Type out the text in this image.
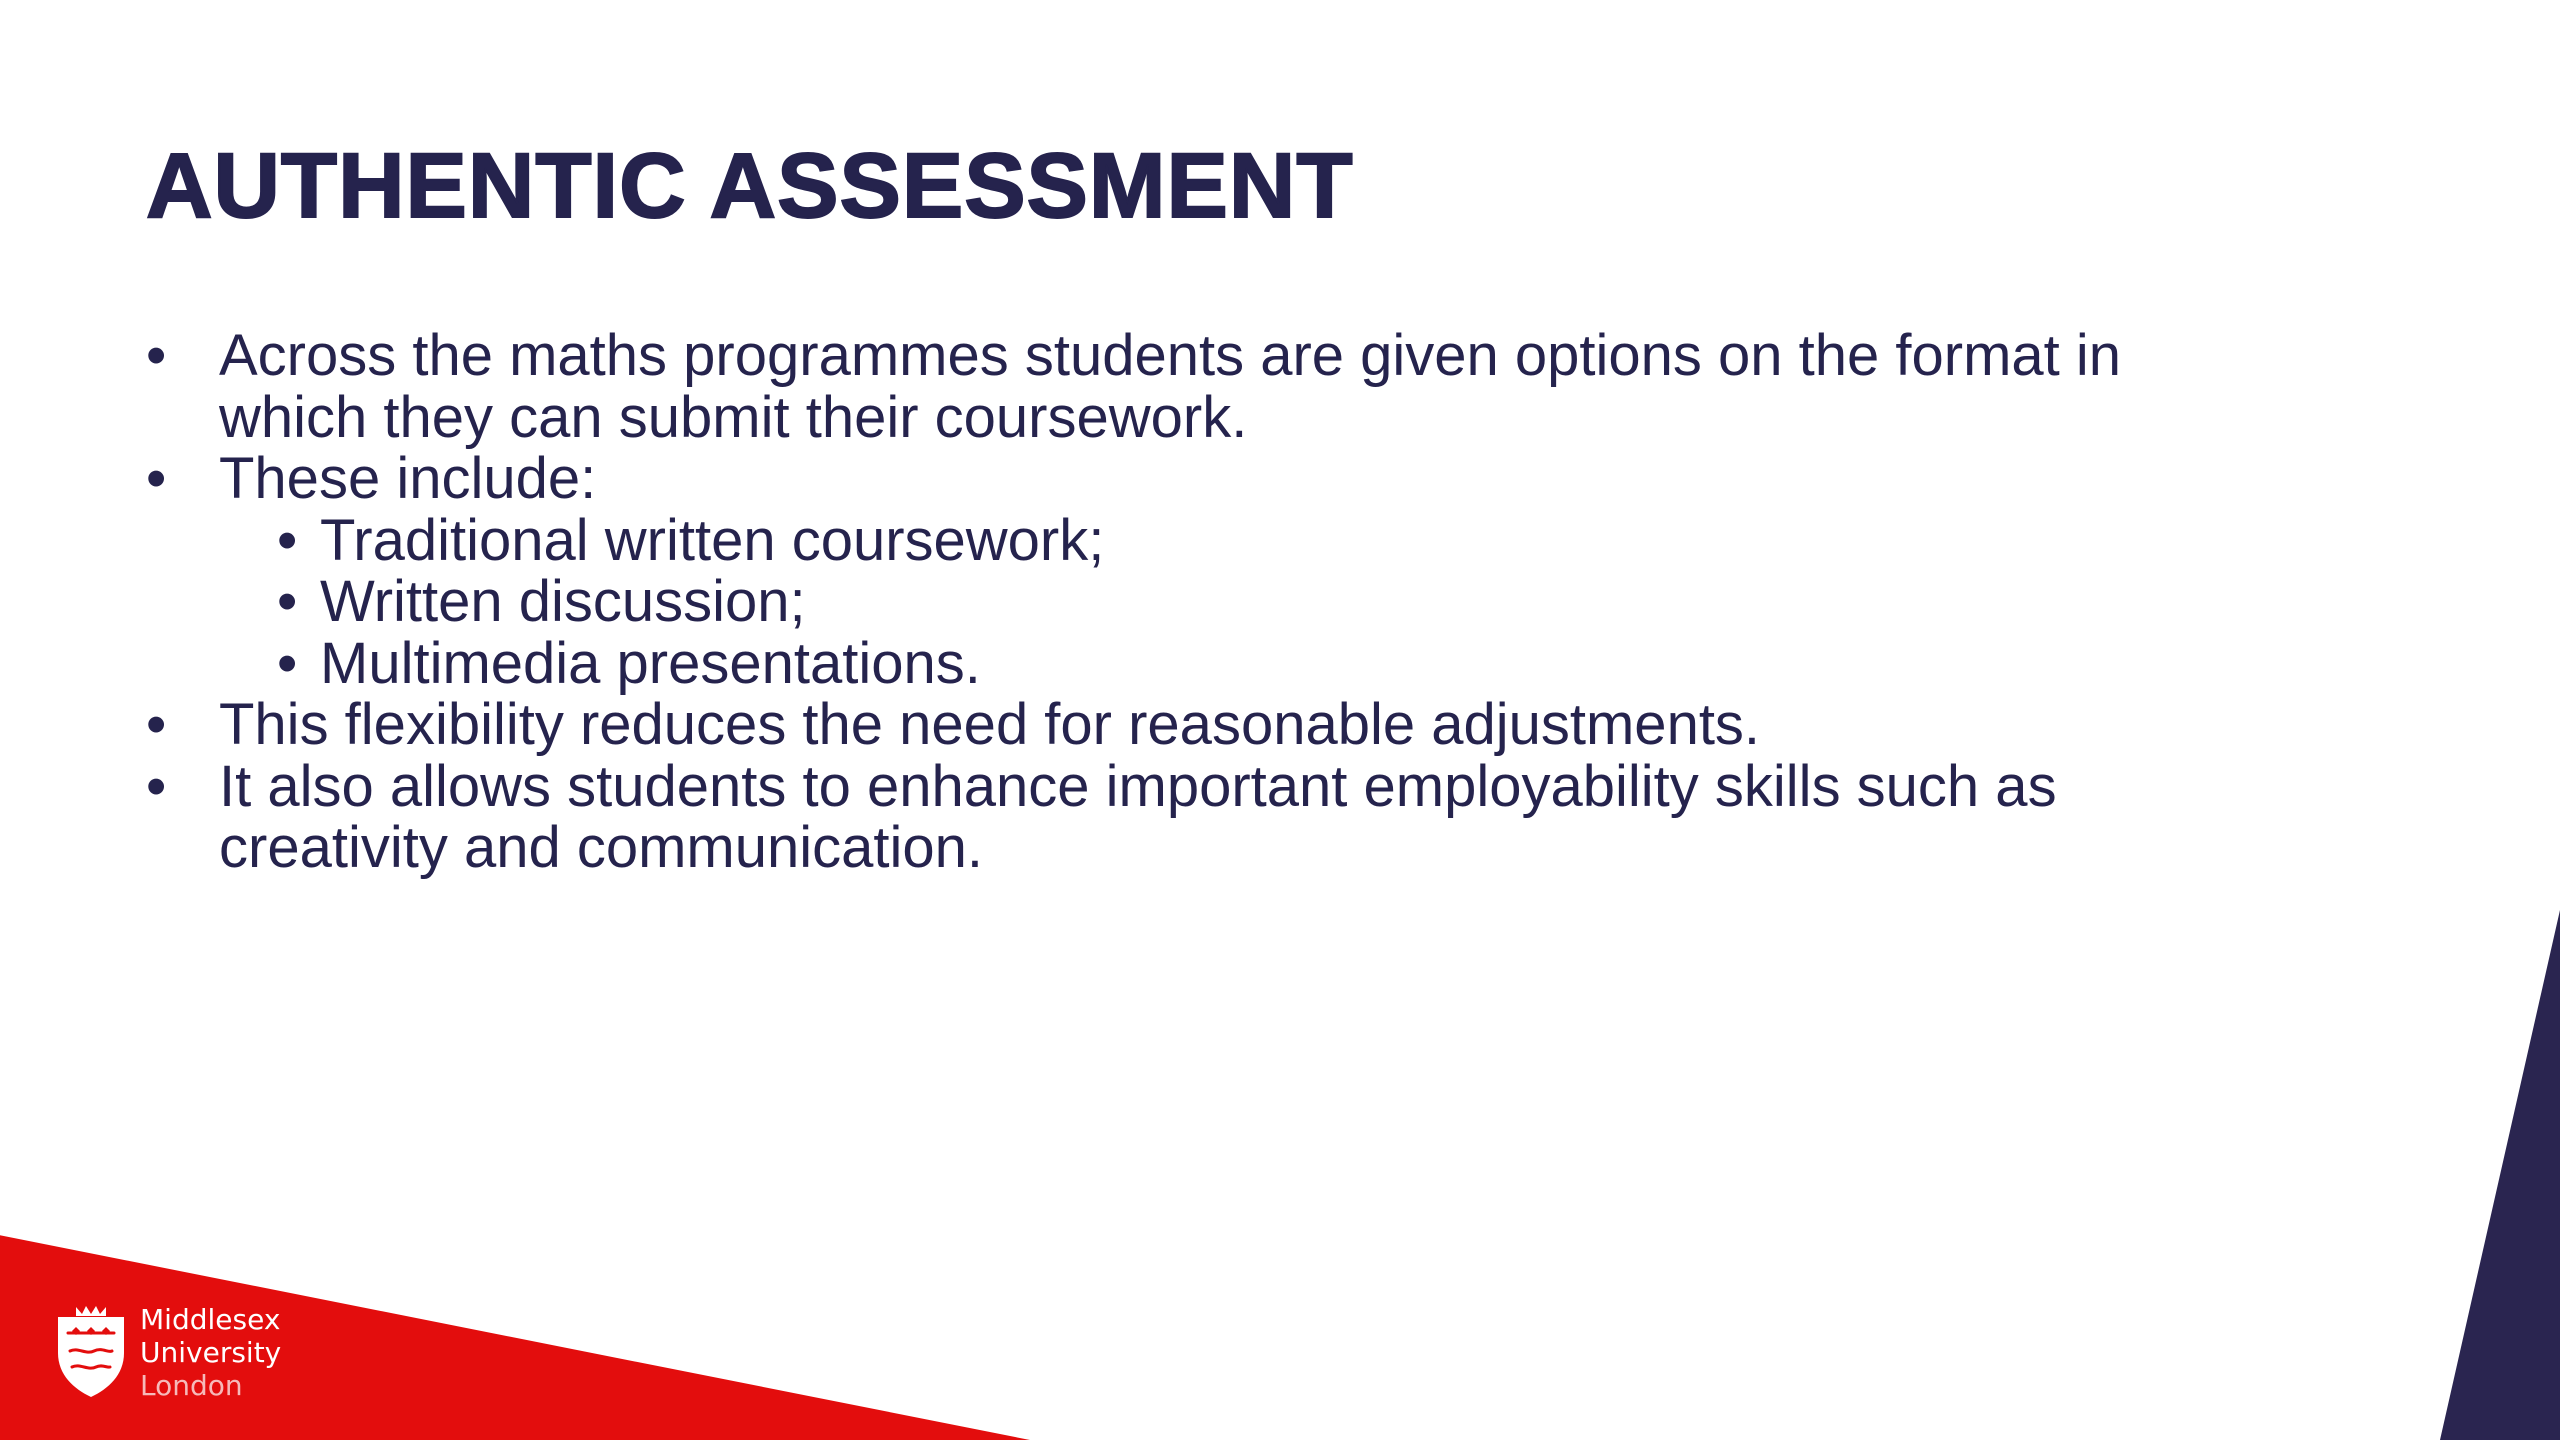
AUTHENTIC ASSESSMENT
• Across the maths programmes students are given options on the format in which they can submit their coursework.
• These include:
• Traditional written coursework;
• Written discussion;
• Multimedia presentations.
• This flexibility reduces the need for reasonable adjustments.
• It also allows students to enhance important employability skills such as creativity and communication.
Middlesex
University
London
